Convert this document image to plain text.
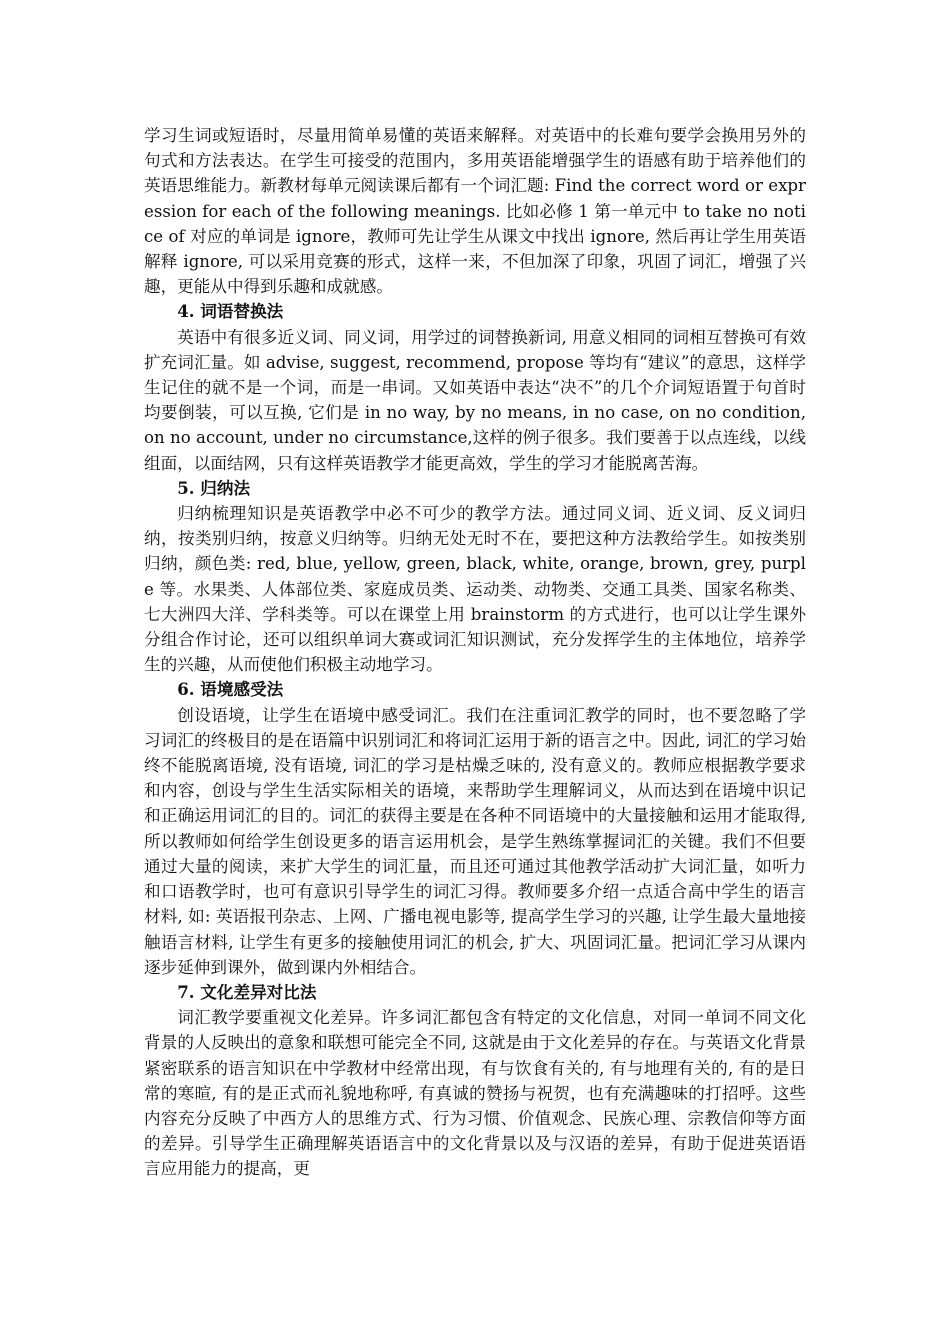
学习生词或短语时，尽量用简单易懂的英语来解释。对英语中的长难句要学会换用另外的句式和方法表达。在学生可接受的范围内，多用英语能增强学生的语感有助于培养他们的英语思维能力。新教材每单元阅读课后都有一个词汇题: Find the correct word or expression for each of the following meanings. 比如必修 1 第一单元中 to take no notice of 对应的单词是 ignore，教师可先让学生从课文中找出 ignore, 然后再让学生用英语解释 ignore, 可以采用竞赛的形式，这样一来，不但加深了印象，巩固了词汇，增强了兴趣，更能从中得到乐趣和成就感。

4. 词语替换法

英语中有很多近义词、同义词，用学过的词替换新词, 用意义相同的词相互替换可有效扩充词汇量。如 advise, suggest, recommend, propose 等均有“建议”的意思，这样学生记住的就不是一个词，而是一串词。又如英语中表达“决不”的几个介词短语置于句首时均要倒装，可以互换, 它们是 in no way, by no means, in no case, on no condition, on no account, under no circumstance,这样的例子很多。我们要善于以点连线，以线组面，以面结网，只有这样英语教学才能更高效，学生的学习才能脱离苦海。

5. 归纳法

归纳梳理知识是英语教学中必不可少的教学方法。通过同义词、近义词、反义词归纳，按类别归纳，按意义归纳等。归纳无处无时不在，要把这种方法教给学生。如按类别归纳，颜色类: red, blue, yellow, green, black, white, orange, brown, grey, purple 等。水果类、人体部位类、家庭成员类、运动类、动物类、交通工具类、国家名称类、七大洲四大洋、学科类等。可以在课堂上用 brainstorm 的方式进行，也可以让学生课外分组合作讨论，还可以组织单词大赛或词汇知识测试，充分发挥学生的主体地位，培养学生的兴趣，从而使他们积极主动地学习。

6. 语境感受法

创设语境，让学生在语境中感受词汇。我们在注重词汇教学的同时，也不要忽略了学习词汇的终极目的是在语篇中识别词汇和将词汇运用于新的语言之中。因此, 词汇的学习始终不能脱离语境, 没有语境, 词汇的学习是枯燥乏味的, 没有意义的。教师应根据教学要求和内容，创设与学生生活实际相关的语境，来帮助学生理解词义，从而达到在语境中识记和正确运用词汇的目的。词汇的获得主要是在各种不同语境中的大量接触和运用才能取得, 所以教师如何给学生创设更多的语言运用机会，是学生熟练掌握词汇的关键。我们不但要通过大量的阅读，来扩大学生的词汇量，而且还可通过其他教学活动扩大词汇量，如听力和口语教学时，也可有意识引导学生的词汇习得。教师要多介绍一点适合高中学生的语言材料, 如: 英语报刊杂志、上网、广播电视电影等, 提高学生学习的兴趣, 让学生最大量地接触语言材料, 让学生有更多的接触使用词汇的机会, 扩大、巩固词汇量。把词汇学习从课内逐步延伸到课外，做到课内外相结合。

7. 文化差异对比法

词汇教学要重视文化差异。许多词汇都包含有特定的文化信息，对同一单词不同文化背景的人反映出的意象和联想可能完全不同, 这就是由于文化差异的存在。与英语文化背景紧密联系的语言知识在中学教材中经常出现，有与饮食有关的, 有与地理有关的, 有的是日常的寒暄, 有的是正式而礼貌地称呼, 有真诚的赞扬与祝贺，也有充满趣味的打招呼。这些内容充分反映了中西方人的思维方式、行为习惯、价值观念、民族心理、宗教信仰等方面的差异。引导学生正确理解英语语言中的文化背景以及与汉语的差异，有助于促进英语语言应用能力的提高，更
